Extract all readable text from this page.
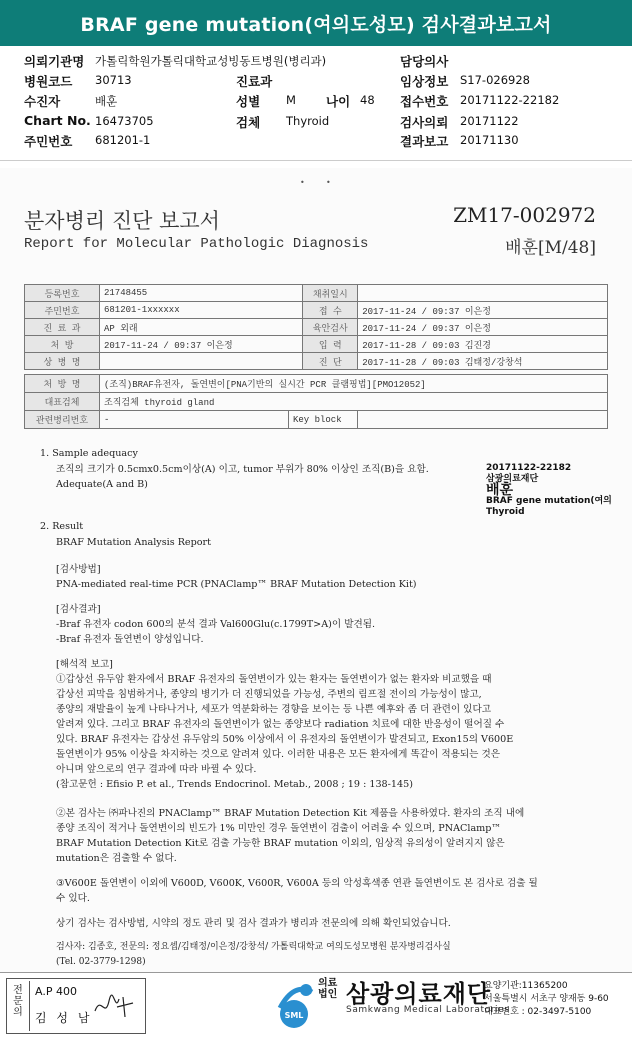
BRAF gene mutation(여의도성모) 검사결과보고서
의뢰기관명 가톨릭학원가톨릭대학교성빙동트병원(병리과)	담당의사
병원코드 30713	진료과	임상정보 S17-026928
수진자	배훈	성별 M 나이 48 접수번호 20171122-22182
Chart No. 16473705	검체 Thyroid	검사의뢰 20171122
주민번호 681201-1	결과보고 20171130
•	•
분자병리 진단 보고서
Report for Molecular Pathologic Diagnosis
ZM17-002972
배훈[M/48]
등록번호	21748455	채취일시	
주민번호	681201-1xxxxxx	접 수	2017-11-24 / 09:37 이은정
진 료 과	AP 외래	육안검사	2017-11-24 / 09:37 이은정
처 방	2017-11-24 / 09:37 이은정	입 력	2017-11-28 / 09:03 김진경
상 병 명		진 단	2017-11-28 / 09:03 김태정/강창석
처 방 명	(조직)BRAF유전자, 돌연변이[PNA기반의 실시간 PCR 클램핑법][PMO12052]		
대표검체	조직검체 thyroid gland		
관련병리번호	-	Key block	
1. Sample adequacy
조직의 크기가 0.5cmx0.5cm이상(A) 이고, tumor 부위가 80% 이상인 조직(B)을 요함.
Adequate(A and B)
20171122-22182
삼광의료재단
배훈
BRAF gene mutation(여의
Thyroid
2. Result
BRAF Mutation Analysis Report
[검사방법]
PNA-mediated real-time PCR (PNAClamp™ BRAF Mutation Detection Kit)
[검사결과]
-Braf 유전자 codon 600의 분석 결과 Val600Glu(c.1799T>A)이 발견됨.
-Braf 유전자 돌연변이 양성입니다.
[해석적 보고]
①갑상선 유두암 환자에서 BRAF 유전자의 돌연변이가 있는 환자는 돌연변이가 없는 환자와 비교했을 때
갑상선 피막을 침범하거나, 종양의 병기가 더 진행되었을 가능성, 주변의 림프절 전이의 가능성이 많고,
종양의 재발율이 높게 나타나거나, 세포가 역분화하는 경향을 보이는 등 나쁜 예후와 좀 더 관련이 있다고
알려져 있다. 그리고 BRAF 유전자의 돌연변이가 없는 종양보다 radiation 치료에 대한 반응성이 떨어질 수
있다. BRAF 유전자는 갑상선 유두암의 50% 이상에서 이 유전자의 돌연변이가 발견되고, Exon15의 V600E
돌연변이가 95% 이상을 차지하는 것으로 알려져 있다. 이러한 내용은 모든 환자에게 똑같이 적용되는 것은
아니며 앞으로의 연구 결과에 따라 바뀔 수 있다.
(참고문헌 : Efisio P. et al., Trends Endocrinol. Metab., 2008 ; 19 : 138-145)
②본 검사는 ㈜파나진의 PNAClamp™ BRAF Mutation Detection Kit 제품을 사용하였다. 환자의 조직 내에
종양 조직이 적거나 돌연변이의 빈도가 1% 미만인 경우 돌연변이 검출이 어려울 수 있으며, PNAClamp™
BRAF Mutation Detection Kit로 검출 가능한 BRAF mutation 이외의, 임상적 유의성이 알려지지 않은
mutation은 검출할 수 없다.
③V600E 돌연변이 이외에 V600D, V600K, V600R, V600A 등의 악성흑색종 연관 돌연변이도 본 검사로 검출 될
수 있다.
상기 검사는 검사방법, 시약의 정도 관리 및 검사 결과가 병리과 전문의에 의해 확인되었습니다.
검사자: 김종호, 전문의: 정요셉/김태정/이은정/강창석/ 가톨릭대학교 여의도성모병원 분자병리검사실
(Tel. 02-3779-1298)
전문의
A.P 400
김 성 남	SML
의료
법인 삼광의료재단
Samkwang Medical Laboratories
요양기관:11365200
서울특별시 서초구 양재동 9-60
대표번호 : 02-3497-5100
